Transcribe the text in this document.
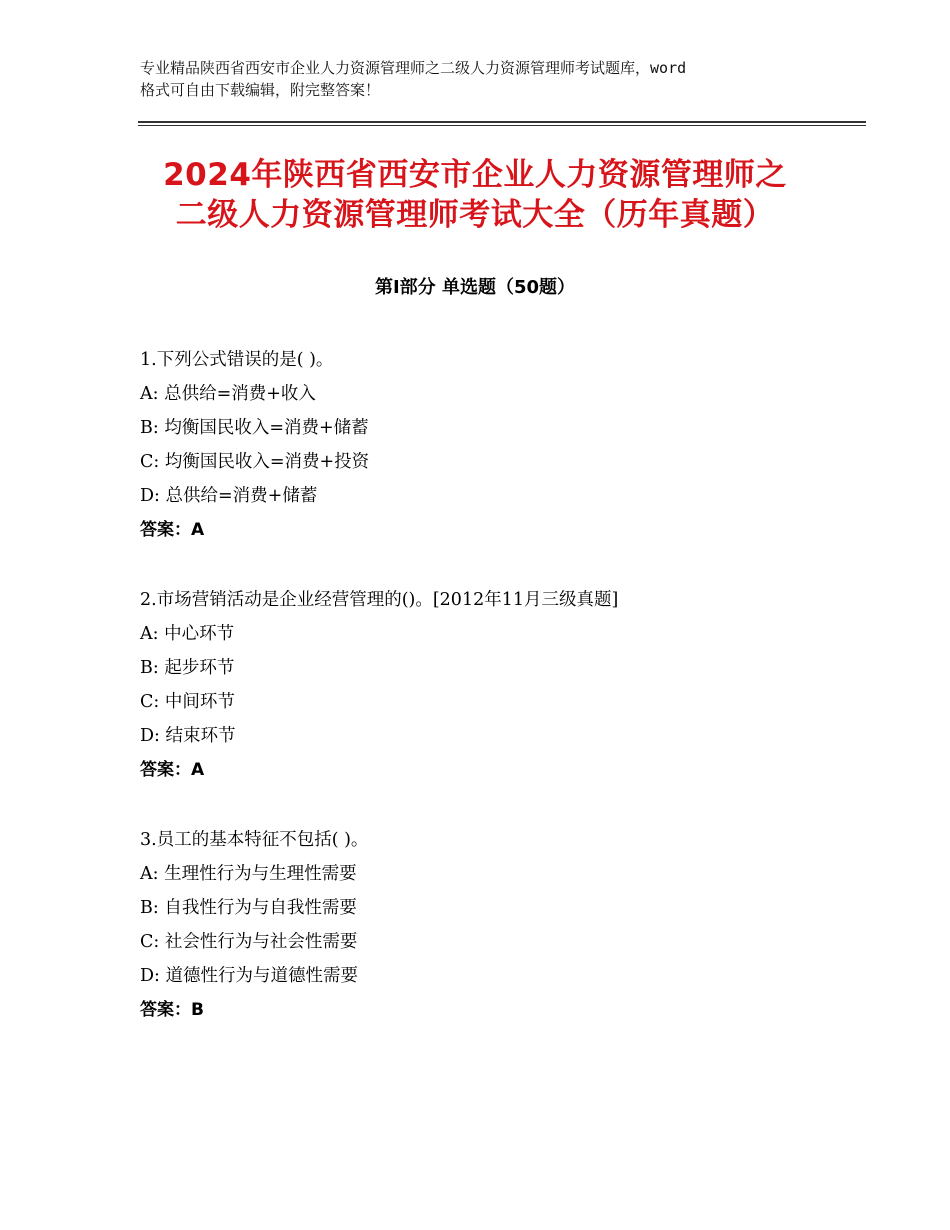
专业精品陕西省西安市企业人力资源管理师之二级人力资源管理师考试题库，word
格式可自由下载编辑，附完整答案！
2024年陕西省西安市企业人力资源管理师之
二级人力资源管理师考试大全（历年真题）
第Ⅰ部分 单选题（50题）
1.下列公式错误的是( )。
A: 总供给=消费+收入
B: 均衡国民收入=消费+储蓄
C: 均衡国民收入=消费+投资
D: 总供给=消费+储蓄
答案：A
2.市场营销活动是企业经营管理的()。[2012年11月三级真题]
A: 中心环节
B: 起步环节
C: 中间环节
D: 结束环节
答案：A
3.员工的基本特征不包括( )。
A: 生理性行为与生理性需要
B: 自我性行为与自我性需要
C: 社会性行为与社会性需要
D: 道德性行为与道德性需要
答案：B
